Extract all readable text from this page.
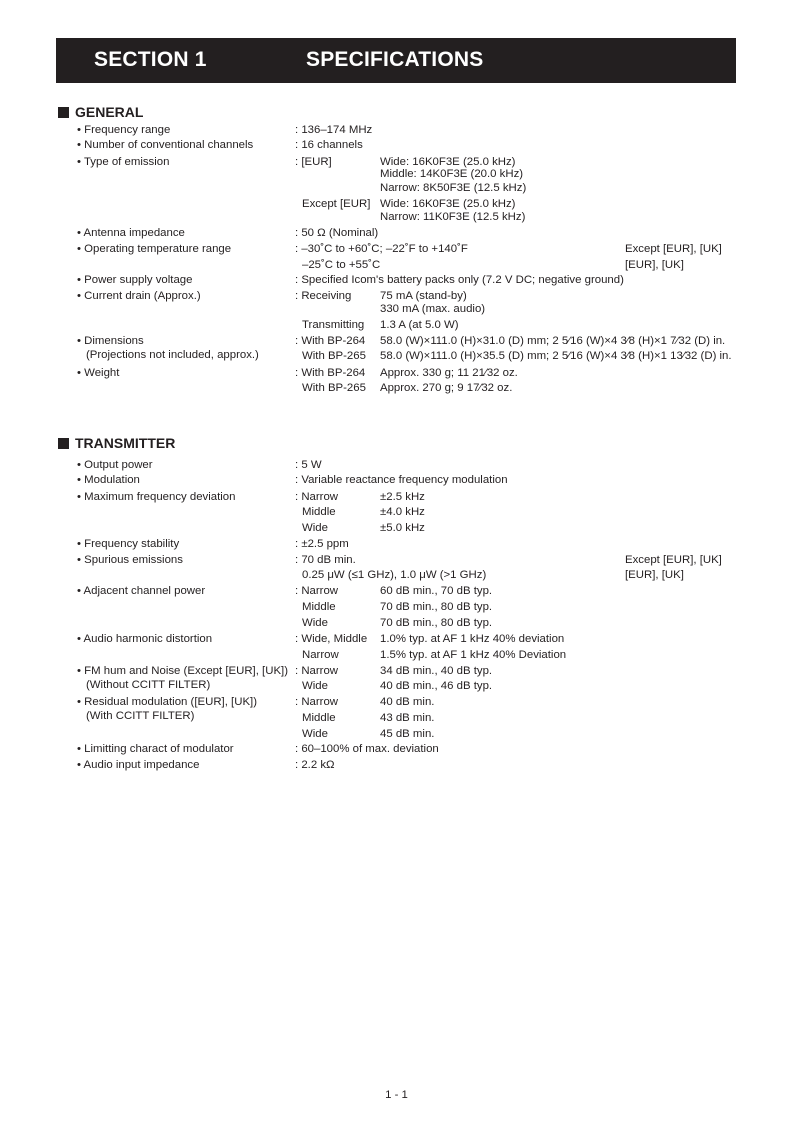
SECTION 1	SPECIFICATIONS
GENERAL
• Frequency range	: 136–174 MHz
• Number of conventional channels	: 16 channels
• Type of emission	: [EUR]	Wide: 16K0F3E (25.0 kHz)
Middle: 14K0F3E (20.0 kHz)
Narrow: 8K50F3E (12.5 kHz)
Except [EUR] Wide: 16K0F3E (25.0 kHz)
Narrow: 11K0F3E (12.5 kHz)
• Antenna impedance	: 50 Ω (Nominal)
• Operating temperature range	: –30˚C to +60˚C; –22˚F to +140˚F	Except [EUR], [UK]
–25˚C to +55˚C	[EUR], [UK]
• Power supply voltage	: Specified Icom's battery packs only (7.2 V DC; negative ground)
• Current drain (Approx.)	: Receiving	75 mA (stand-by)
330 mA (max. audio)
Transmitting 1.3 A (at 5.0 W)
• Dimensions
(Projections not included, approx.)
: With BP-264 58.0 (W)×111.0 (H)×31.0 (D) mm; 2 5⁄16 (W)×4 3⁄8 (H)×1 7⁄32 (D) in.
With BP-265 58.0 (W)×111.0 (H)×35.5 (D) mm; 2 5⁄16 (W)×4 3⁄8 (H)×1 13⁄32 (D) in.
• Weight	: With BP-264 Approx. 330 g; 11 21⁄32 oz.
With BP-265 Approx. 270 g; 9 17⁄32 oz.
TRANSMITTER
• Output power	: 5 W
• Modulation	: Variable reactance frequency modulation
• Maximum frequency deviation	: Narrow	±2.5 kHz
Middle	±4.0 kHz
Wide	±5.0 kHz
• Frequency stability	: ±2.5 ppm
• Spurious emissions	: 70 dB min.	Except [EUR], [UK]
0.25 μW (≤1 GHz), 1.0 μW (>1 GHz)	[EUR], [UK]
• Adjacent channel power	: Narrow	60 dB min., 70 dB typ.
Middle	70 dB min., 80 dB typ.
Wide	70 dB min., 80 dB typ.
• Audio harmonic distortion	: Wide, Middle 1.0% typ. at AF 1 kHz 40% deviation
Narrow	1.5% typ. at AF 1 kHz 40% Deviation
• FM hum and Noise (Except [EUR], [UK])
(Without CCITT FILTER)
: Narrow	34 dB min., 40 dB typ.
Wide	40 dB min., 46 dB typ.
• Residual modulation ([EUR], [UK])
(With CCITT FILTER)
: Narrow	40 dB min.
Middle	43 dB min.
Wide	45 dB min.
• Limitting charact of modulator	: 60–100% of max. deviation
• Audio input impedance	: 2.2 kΩ
1 - 1
